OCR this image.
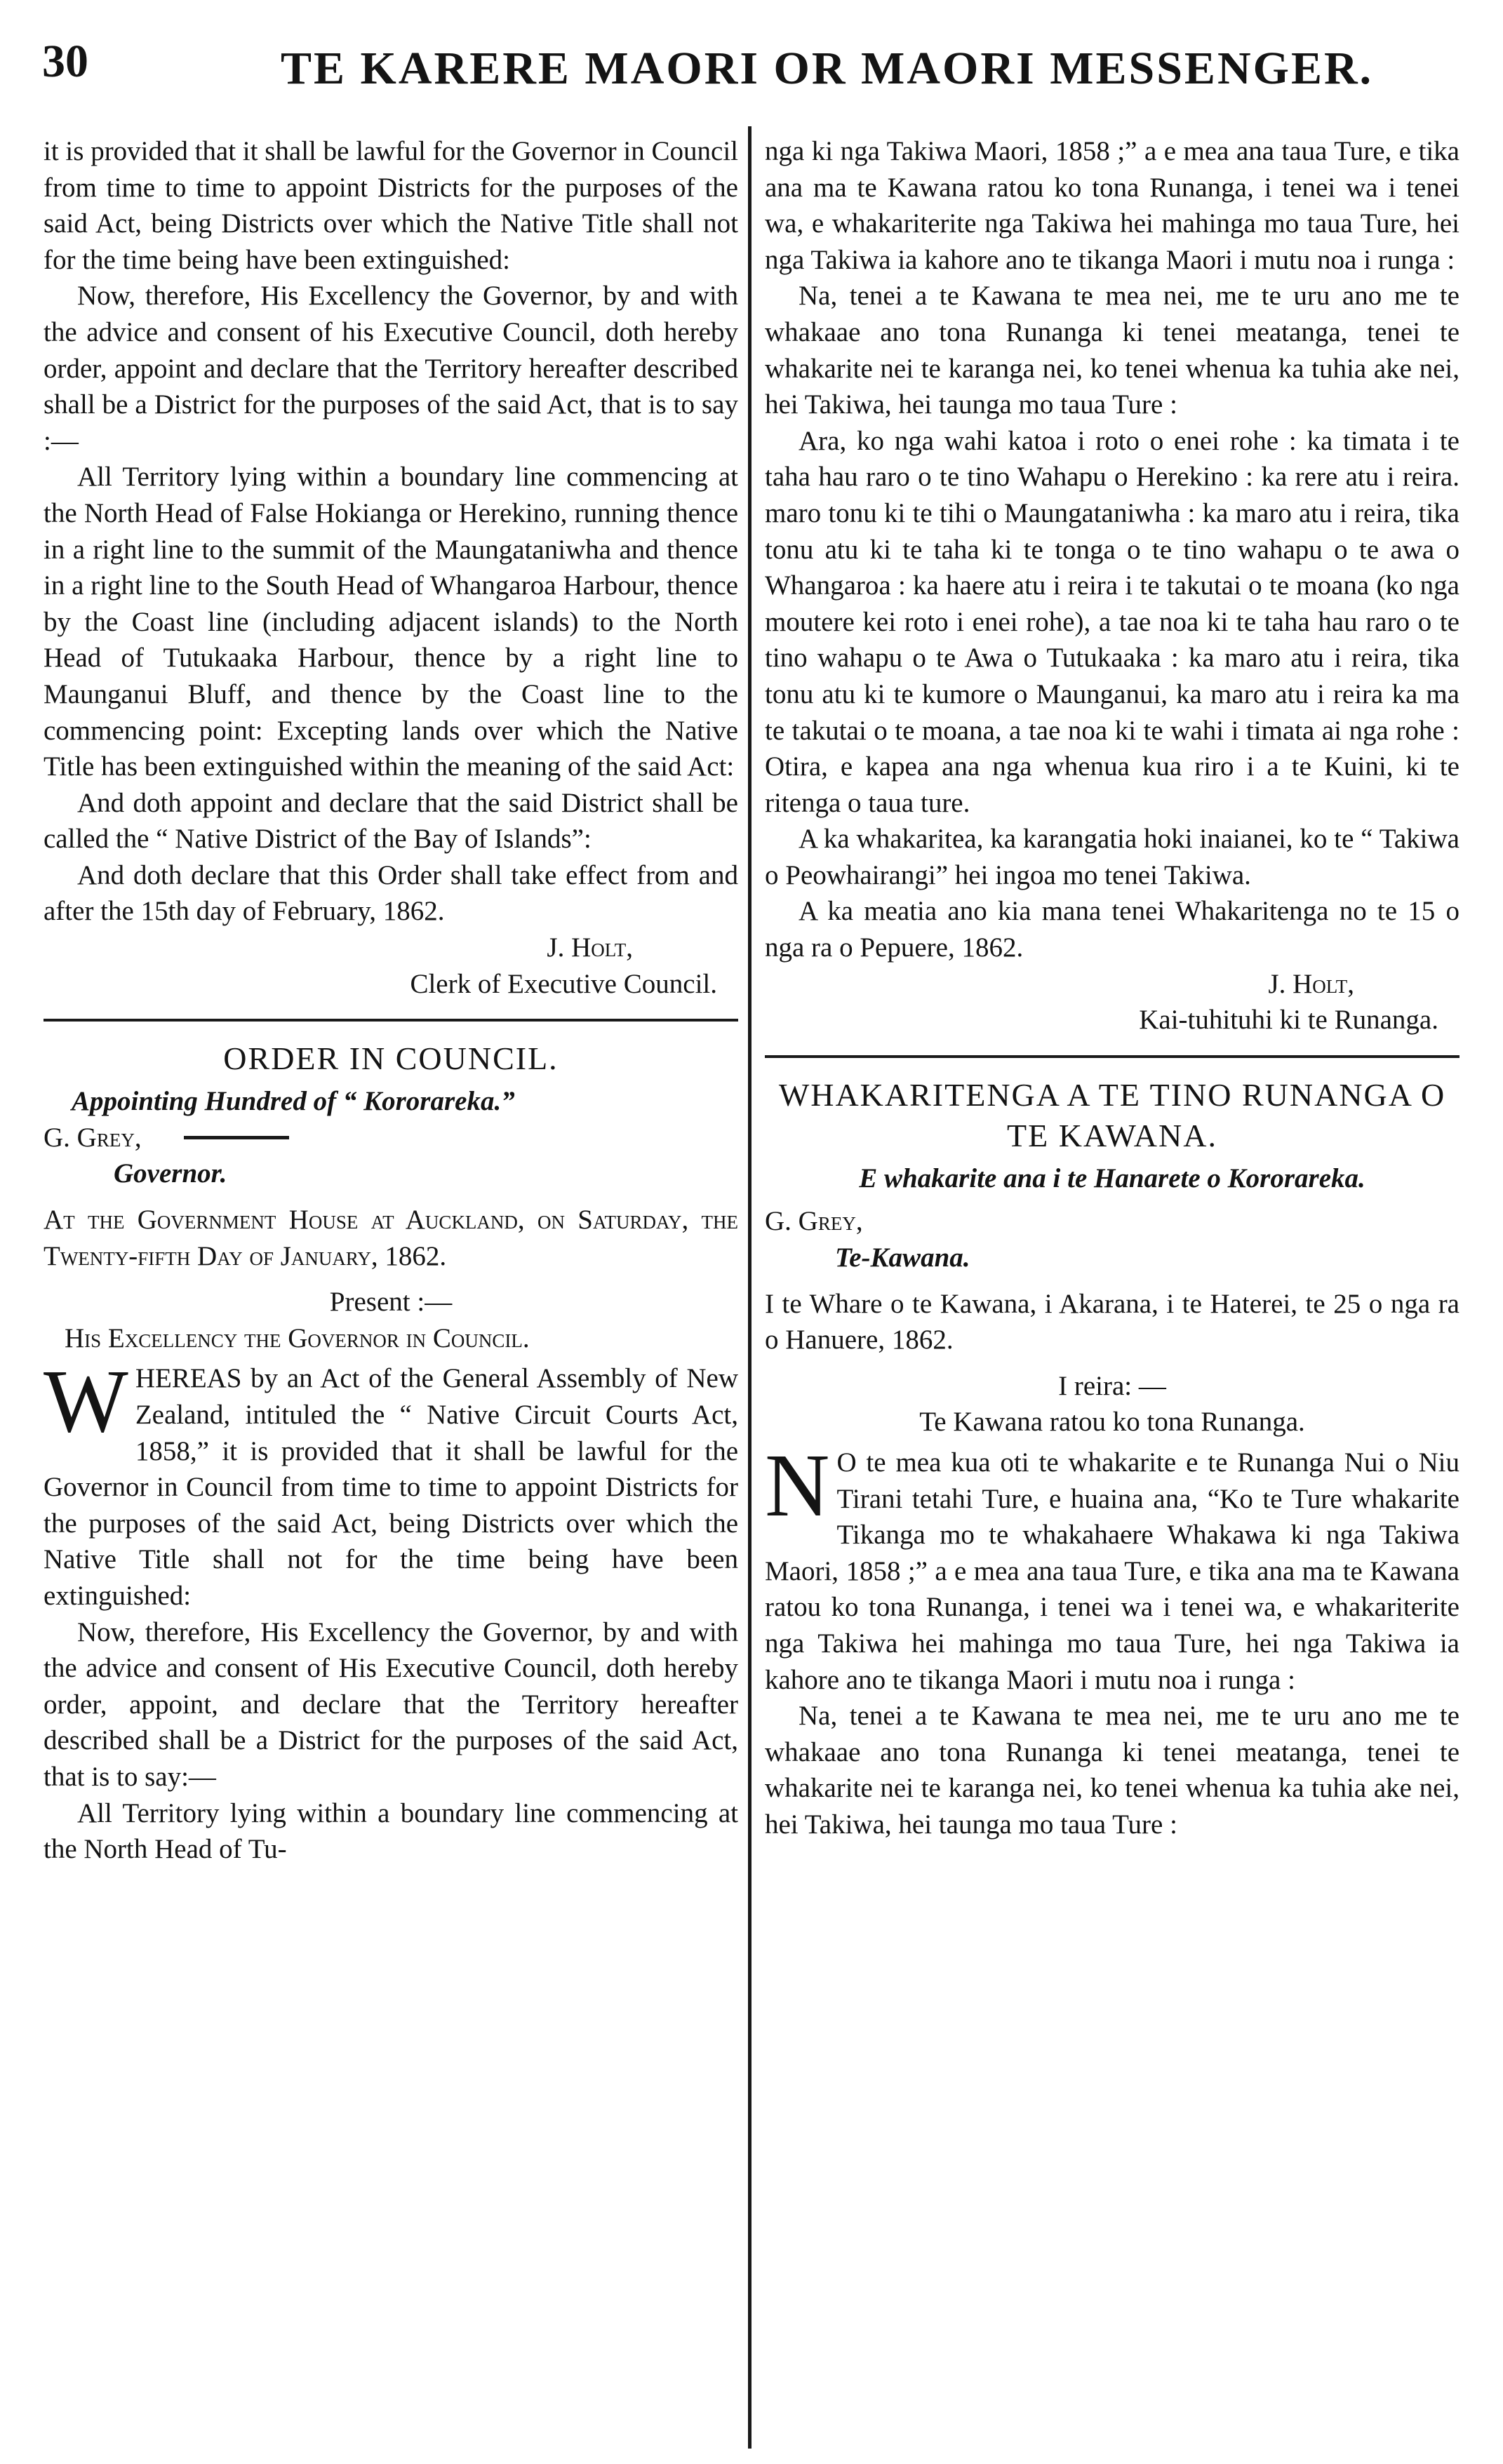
30	TE KARERE MAORI OR MAORI MESSENGER.

it is provided that it shall be lawful for the Governor in Council from time to time to appoint Districts for the purposes of the said Act, being Districts over which the Native Title shall not for the time being have been extinguished:

Now, therefore, His Excellency the Governor, by and with the advice and consent of his Executive Council, doth hereby order, appoint and declare that the Territory hereafter described shall be a District for the purposes of the said Act, that is to say :—

All Territory lying within a boundary line commencing at the North Head of False Hokianga or Herekino, running thence in a right line to the summit of the Maungataniwha and thence in a right line to the South Head of Whangaroa Harbour, thence by the Coast line (including adjacent islands) to the North Head of Tutukaaka Harbour, thence by a right line to Maunganui Bluff, and thence by the Coast line to the commencing point: Excepting lands over which the Native Title has been extinguished within the meaning of the said Act:

And doth appoint and declare that the said District shall be called the “ Native District of the Bay of Islands”:

And doth declare that this Order shall take effect from and after the 15th day of February, 1862.

J. Holt,

Clerk of Executive Council.

ORDER IN COUNCIL.

Appointing Hundred of “ Kororareka.”

G. Grey,

Governor.

At the Government House at Auckland, on Saturday, the Twenty-fifth Day of January, 1862.

Present :—

His Excellency the Governor in Council.

WHEREAS by an Act of the General Assembly of New Zealand, intituled the “ Native Circuit Courts Act, 1858,” it is provided that it shall be lawful for the Governor in Council from time to time to appoint Districts for the purposes of the said Act, being Districts over which the Native Title shall not for the time being have been extinguished:

Now, therefore, His Excellency the Governor, by and with the advice and consent of His Executive Council, doth hereby order, appoint, and declare that the Territory hereafter described shall be a District for the purposes of the said Act, that is to say:—

All Territory lying within a boundary line commencing at the North Head of Tu-

nga ki nga Takiwa Maori, 1858 ;” a e mea ana taua Ture, e tika ana ma te Kawana ratou ko tona Runanga, i tenei wa i tenei wa, e whakariterite nga Takiwa hei mahinga mo taua Ture, hei nga Takiwa ia kahore ano te tikanga Maori i mutu noa i runga :

Na, tenei a te Kawana te mea nei, me te uru ano me te whakaae ano tona Runanga ki tenei meatanga, tenei te whakarite nei te karanga nei, ko tenei whenua ka tuhia ake nei, hei Takiwa, hei taunga mo taua Ture :

Ara, ko nga wahi katoa i roto o enei rohe : ka timata i te taha hau raro o te tino Wahapu o Herekino : ka rere atu i reira. maro tonu ki te tihi o Maungataniwha : ka maro atu i reira, tika tonu atu ki te taha ki te tonga o te tino wahapu o te awa o Whangaroa : ka haere atu i reira i te takutai o te moana (ko nga moutere kei roto i enei rohe), a tae noa ki te taha hau raro o te tino wahapu o te Awa o Tutukaaka : ka maro atu i reira, tika tonu atu ki te kumore o Maunganui, ka maro atu i reira ka ma te takutai o te moana, a tae noa ki te wahi i timata ai nga rohe : Otira, e kapea ana nga whenua kua riro i a te Kuini, ki te ritenga o taua ture.

A ka whakaritea, ka karangatia hoki inaianei, ko te “ Takiwa o Peowhairangi” hei ingoa mo tenei Takiwa.

A ka meatia ano kia mana tenei Whakaritenga no te 15 o nga ra o Pepuere, 1862.

J. Holt,

Kai-tuhituhi ki te Runanga.

WHAKARITENGA A TE TINO RUNANGA O TE KAWANA.

E whakarite ana i te Hanarete o Kororareka.

G. Grey,

Te-Kawana.

I te Whare o te Kawana, i Akarana, i te Haterei, te 25 o nga ra o Hanuere, 1862.

I reira: —

Te Kawana ratou ko tona Runanga.

N O te mea kua oti te whakarite e te Runanga Nui o Niu Tirani tetahi Ture, e huaina ana, “Ko te Ture whakarite Tikanga mo te whakahaere Whakawa ki nga Takiwa Maori, 1858 ;” a e mea ana taua Ture, e tika ana ma te Kawana ratou ko tona Runanga, i tenei wa i tenei wa, e whakariterite nga Takiwa hei mahinga mo taua Ture, hei nga Takiwa ia kahore ano te tikanga Maori i mutu noa i runga :

Na, tenei a te Kawana te mea nei, me te uru ano me te whakaae ano tona Runanga ki tenei meatanga, tenei te whakarite nei te karanga nei, ko tenei whenua ka tuhia ake nei, hei Takiwa, hei taunga mo taua Ture :
